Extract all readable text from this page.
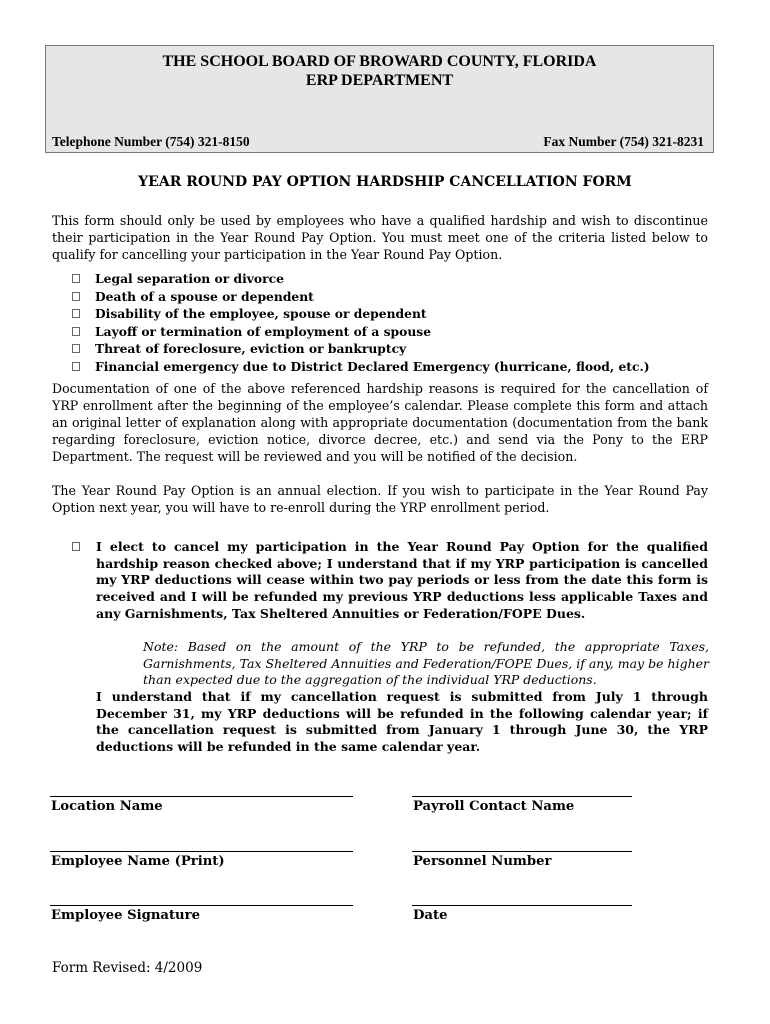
THE SCHOOL BOARD OF BROWARD COUNTY, FLORIDA
ERP DEPARTMENT
Telephone Number (754) 321-8150	Fax Number (754) 321-8231
YEAR ROUND PAY OPTION HARDSHIP CANCELLATION FORM
This form should only be used by employees who have a qualified hardship and wish to discontinue their participation in the Year Round Pay Option. You must meet one of the criteria listed below to qualify for cancelling your participation in the Year Round Pay Option.
Legal separation or divorce
Death of a spouse or dependent
Disability of the employee, spouse or dependent
Layoff or termination of employment of a spouse
Threat of foreclosure, eviction or bankruptcy
Financial emergency due to District Declared Emergency (hurricane, flood, etc.)
Documentation of one of the above referenced hardship reasons is required for the cancellation of YRP enrollment after the beginning of the employee’s calendar. Please complete this form and attach an original letter of explanation along with appropriate documentation (documentation from the bank regarding foreclosure, eviction notice, divorce decree, etc.) and send via the Pony to the ERP Department. The request will be reviewed and you will be notified of the decision.
The Year Round Pay Option is an annual election. If you wish to participate in the Year Round Pay Option next year, you will have to re-enroll during the YRP enrollment period.
I elect to cancel my participation in the Year Round Pay Option for the qualified hardship reason checked above; I understand that if my YRP participation is cancelled my YRP deductions will cease within two pay periods or less from the date this form is received and I will be refunded my previous YRP deductions less applicable Taxes and any Garnishments, Tax Sheltered Annuities or Federation/FOPE Dues.
Note: Based on the amount of the YRP to be refunded, the appropriate Taxes, Garnishments, Tax Sheltered Annuities and Federation/FOPE Dues, if any, may be higher than expected due to the aggregation of the individual YRP deductions.
I understand that if my cancellation request is submitted from July 1 through December 31, my YRP deductions will be refunded in the following calendar year; if the cancellation request is submitted from January 1 through June 30, the YRP deductions will be refunded in the same calendar year.
Location Name	Payroll Contact Name
Employee Name (Print)	Personnel Number
Employee Signature	Date
Form Revised: 4/2009
